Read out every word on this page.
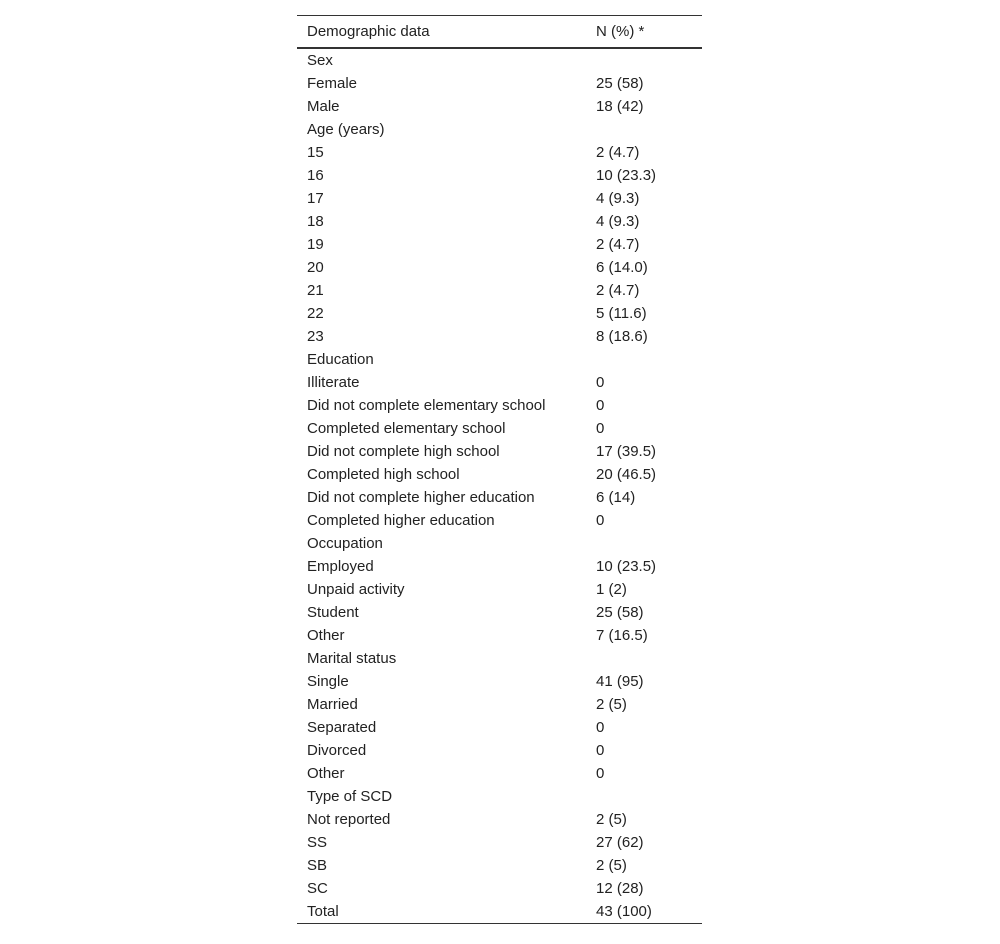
Demographic data	N (%) *
Sex	
Female	25 (58)
Male	18 (42)
Age (years)	
15	2 (4.7)
16	10 (23.3)
17	4 (9.3)
18	4 (9.3)
19	2 (4.7)
20	6 (14.0)
21	2 (4.7)
22	5 (11.6)
23	8 (18.6)
Education	
Illiterate	0
Did not complete elementary school	0
Completed elementary school	0
Did not complete high school	17 (39.5)
Completed high school	20 (46.5)
Did not complete higher education	6 (14)
Completed higher education	0
Occupation	
Employed	10 (23.5)
Unpaid activity	1 (2)
Student	25 (58)
Other	7 (16.5)
Marital status	
Single	41 (95)
Married	2 (5)
Separated	0
Divorced	0
Other	0
Type of SCD	
Not reported	2 (5)
SS	27 (62)
SB	2 (5)
SC	12 (28)
Total	43 (100)
